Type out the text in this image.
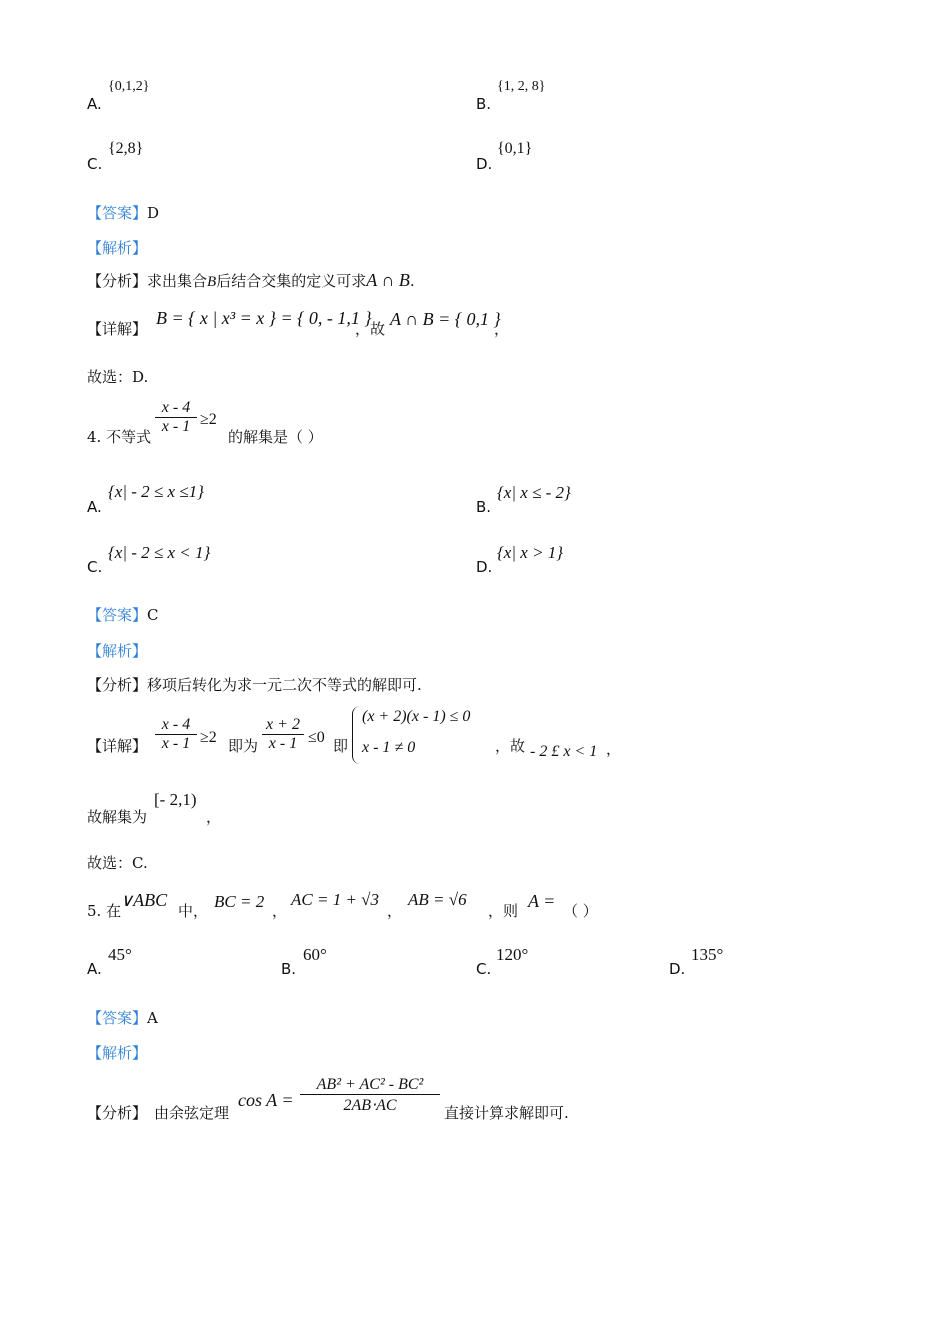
A.
{0,1,2}
B.
{1, 2, 8}
C.
{2,8}
D.
{0,1}
【答案】D
【解析】
【分析】求出集合B后结合交集的定义可求A ∩ B.
【详解】
B = { x | x³ = x } = { 0, - 1,1 }
，故 A ∩ B = { 0,1 }
，
故选：D.
4. 不等式
x - 4
x - 1 ≥2
的解集是（ ）
A.
{x| - 2 ≤ x ≤1}
B.
{x| x ≤ - 2}
C.
{x| - 2 ≤ x < 1}
D.
{x| x > 1}
【答案】C
【解析】
【分析】移项后转化为求一元二次不等式的解即可.
【详解】
x - 4
x - 1 ≥2 即为
x + 2
x - 1 ≤0 即
(x + 2)(x - 1) ≤ 0
x - 1 ≠ 0	，故 - 2 £ x < 1 ，
故解集为
[- 2,1)
，
故选：C.
5. 在
∨ABC
中， BC = 2 ，
AC = 1 + √3
，
AB = √6
，则 A = （ ）
A.
45°
B.
60°
C.
120°
D.
135°
【答案】A
【解析】
【分析】 由余弦定理
cos A =
AB² + AC² - BC²
2AB⋅AC	直接计算求解即可.
